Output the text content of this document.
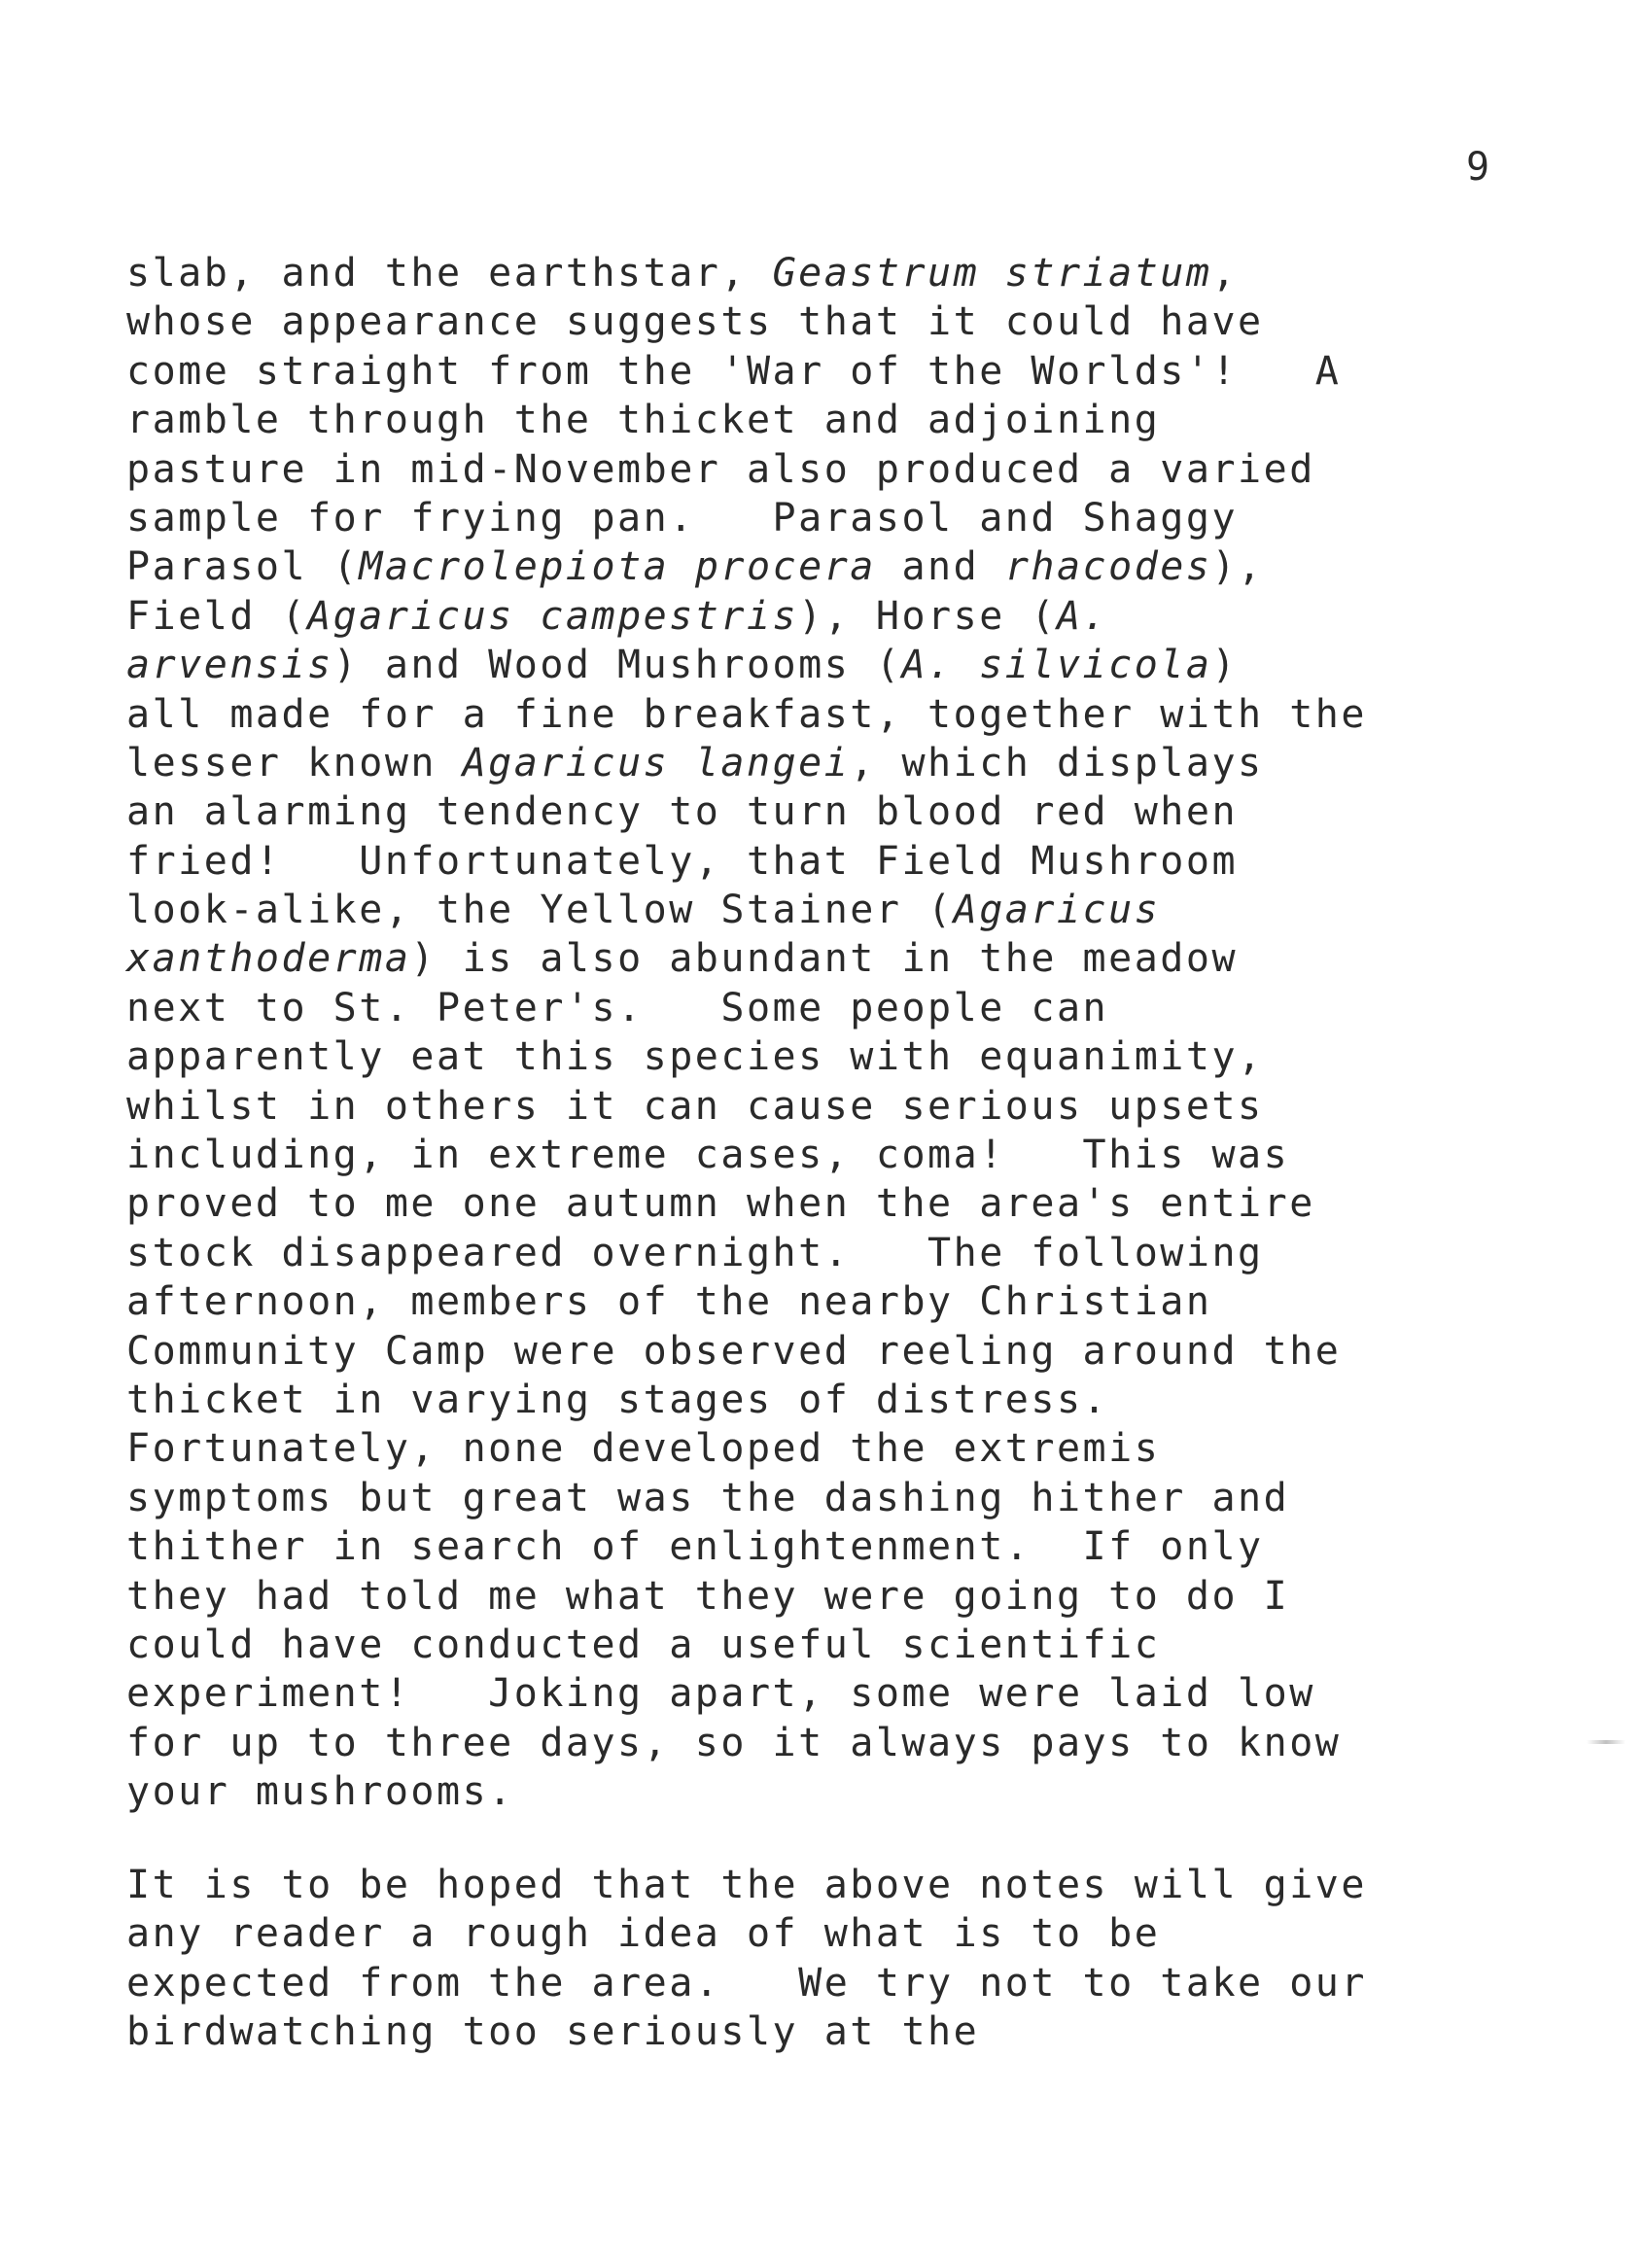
9
slab, and the earthstar, Geastrum striatum,
whose appearance suggests that it could have
come straight from the 'War of the Worlds'!   A
ramble through the thicket and adjoining
pasture in mid-November also produced a varied
sample for frying pan.   Parasol and Shaggy
Parasol (Macrolepiota procera and rhacodes),
Field (Agaricus campestris), Horse (A.
arvensis) and Wood Mushrooms (A. silvicola)
all made for a fine breakfast, together with the
lesser known Agaricus langei, which displays
an alarming tendency to turn blood red when
fried!   Unfortunately, that Field Mushroom
look-alike, the Yellow Stainer (Agaricus
xanthoderma) is also abundant in the meadow
next to St. Peter's.   Some people can
apparently eat this species with equanimity,
whilst in others it can cause serious upsets
including, in extreme cases, coma!   This was
proved to me one autumn when the area's entire
stock disappeared overnight.   The following
afternoon, members of the nearby Christian
Community Camp were observed reeling around the
thicket in varying stages of distress.
Fortunately, none developed the extremis
symptoms but great was the dashing hither and
thither in search of enlightenment.  If only
they had told me what they were going to do I
could have conducted a useful scientific
experiment!   Joking apart, some were laid low
for up to three days, so it always pays to know
your mushrooms.
It is to be hoped that the above notes will give
any reader a rough idea of what is to be
expected from the area.   We try not to take our
birdwatching too seriously at the
